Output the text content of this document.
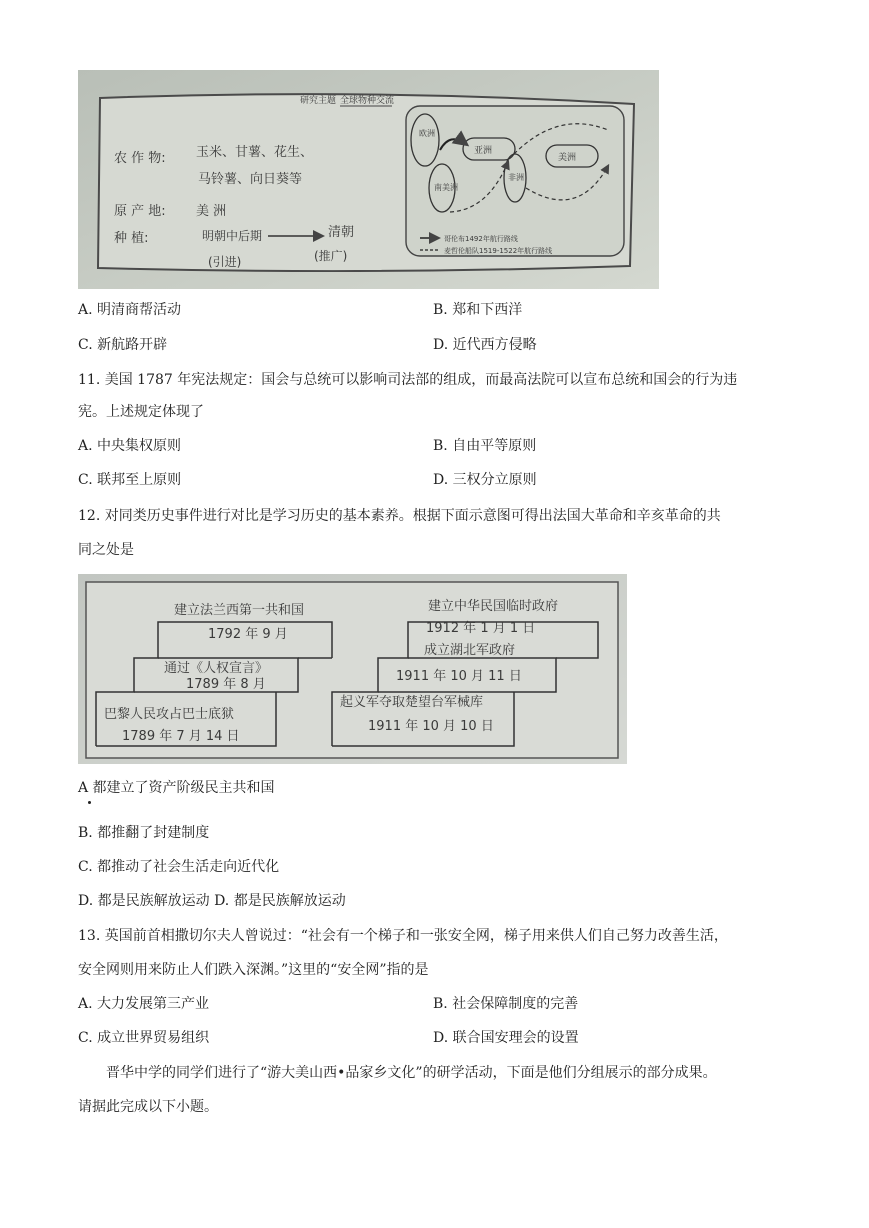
研究主题 全球物种交流
农 作 物: 玉米、甘薯、花生、
马铃薯、向日葵等
原 产 地: 美 洲
种 植:	明朝中后期	清朝
(引进)	(推广)
欧洲
亚洲
南美洲
非洲
美洲
哥伦布1492年航行路线
麦哲伦船队1519-1522年航行路线
A. 明清商帮活动	B. 郑和下西洋
C. 新航路开辟	D. 近代西方侵略
11. 美国 1787 年宪法规定：国会与总统可以影响司法部的组成，而最高法院可以宣布总统和国会的行为违
宪。上述规定体现了
A. 中央集权原则	B. 自由平等原则
C. 联邦至上原则	D. 三权分立原则
12. 对同类历史事件进行对比是学习历史的基本素养。根据下面示意图可得出法国大革命和辛亥革命的共
同之处是
建立法兰西第一共和国
1792 年 9 月
通过《人权宣言》
1789 年 8 月
巴黎人民攻占巴士底狱
1789 年 7 月 14 日
建立中华民国临时政府
1912 年 1 月 1 日
成立湖北军政府
1911 年 10 月 11 日
起义军夺取楚望台军械库
1911 年 10 月 10 日
A 都建立了资产阶级民主共和国
B. 都推翻了封建制度
C. 都推动了社会生活走向近代化
D. 都是民族解放运动 D. 都是民族解放运动
13. 英国前首相撒切尔夫人曾说过：“社会有一个梯子和一张安全网，梯子用来供人们自己努力改善生活，
安全网则用来防止人们跌入深渊。”这里的“安全网”指的是
A. 大力发展第三产业	B. 社会保障制度的完善
C. 成立世界贸易组织	D. 联合国安理会的设置
晋华中学的同学们进行了“游大美山西•品家乡文化”的研学活动，下面是他们分组展示的部分成果。
请据此完成以下小题。
